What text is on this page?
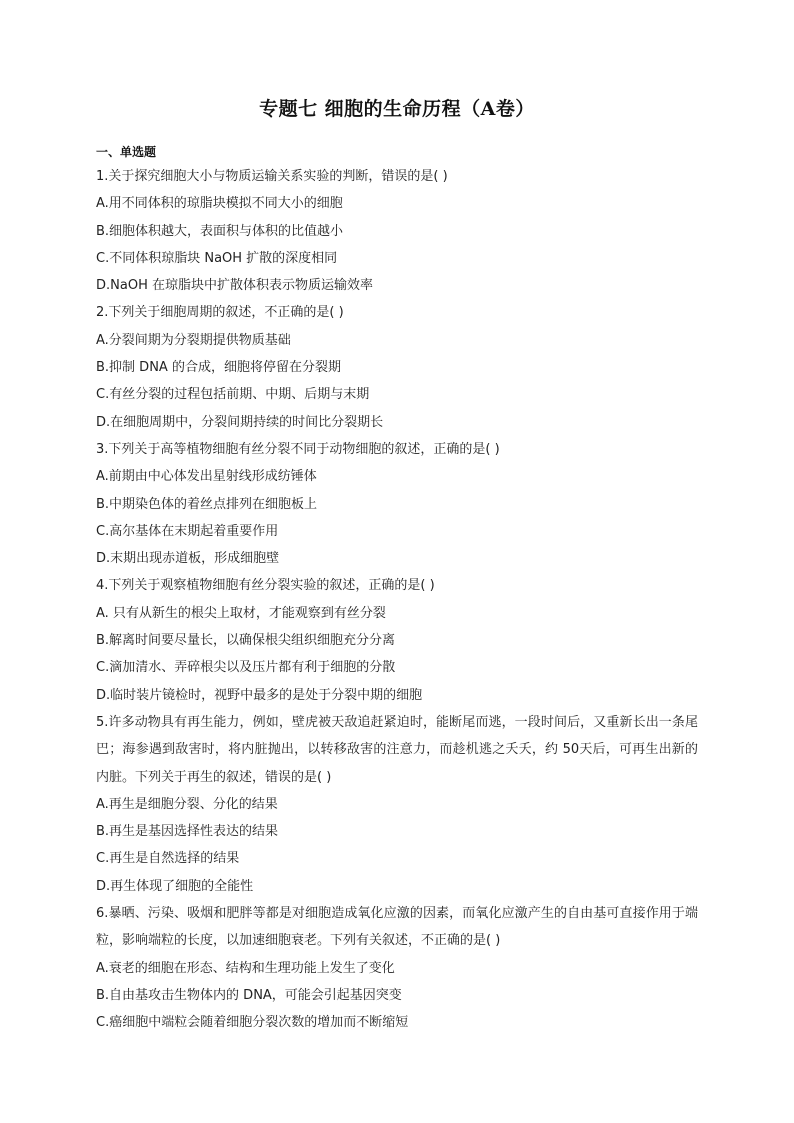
专题七 细胞的生命历程（A卷）
一、单选题
1.关于探究细胞大小与物质运输关系实验的判断，错误的是( )
A.用不同体积的琼脂块模拟不同大小的细胞
B.细胞体积越大，表面积与体积的比值越小
C.不同体积琼脂块 NaOH 扩散的深度相同
D.NaOH 在琼脂块中扩散体积表示物质运输效率
2.下列关于细胞周期的叙述，不正确的是( )
A.分裂间期为分裂期提供物质基础
B.抑制 DNA 的合成，细胞将停留在分裂期
C.有丝分裂的过程包括前期、中期、后期与末期
D.在细胞周期中，分裂间期持续的时间比分裂期长
3.下列关于高等植物细胞有丝分裂不同于动物细胞的叙述，正确的是( )
A.前期由中心体发出星射线形成纺锤体
B.中期染色体的着丝点排列在细胞板上
C.高尔基体在末期起着重要作用
D.末期出现赤道板，形成细胞壁
4.下列关于观察植物细胞有丝分裂实验的叙述，正确的是( )
A. 只有从新生的根尖上取材，才能观察到有丝分裂
B.解离时间要尽量长，以确保根尖组织细胞充分分离
C.滴加清水、弄碎根尖以及压片都有利于细胞的分散
D.临时装片镜检时，视野中最多的是处于分裂中期的细胞
5.许多动物具有再生能力，例如，壁虎被天敌追赶紧迫时，能断尾而逃，一段时间后，又重新长出一条尾巴；海参遇到敌害时，将内脏抛出，以转移敌害的注意力，而趁机逃之夭夭，约 50天后，可再生出新的内脏。下列关于再生的叙述，错误的是( )
A.再生是细胞分裂、分化的结果
B.再生是基因选择性表达的结果
C.再生是自然选择的结果
D.再生体现了细胞的全能性
6.暴晒、污染、吸烟和肥胖等都是对细胞造成氧化应激的因素，而氧化应激产生的自由基可直接作用于端粒，影响端粒的长度，以加速细胞衰老。下列有关叙述，不正确的是( )
A.衰老的细胞在形态、结构和生理功能上发生了变化
B.自由基攻击生物体内的 DNA，可能会引起基因突变
C.癌细胞中端粒会随着细胞分裂次数的增加而不断缩短
